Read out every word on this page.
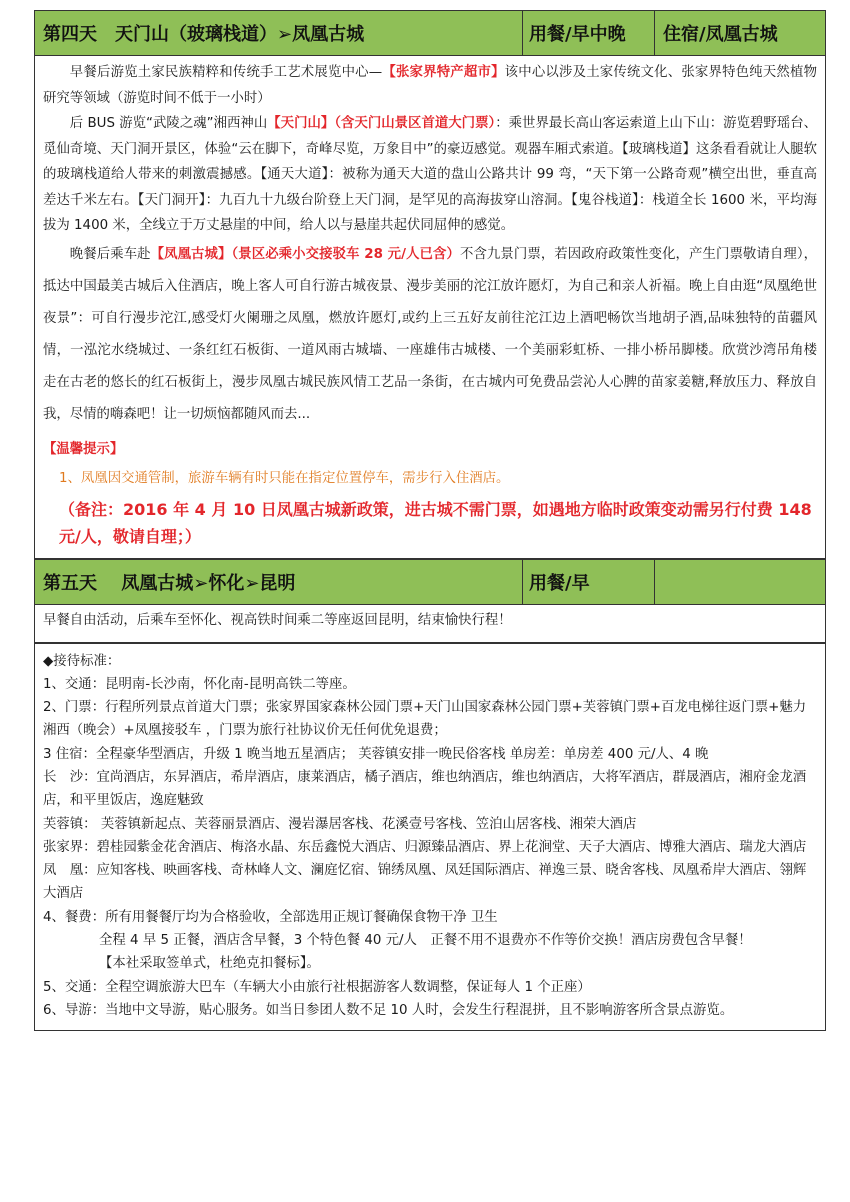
第四天　天门山（玻璃栈道）➢凤凰古城	用餐/早中晚	住宿/凤凰古城

早餐后游览土家民族精粹和传统手工艺术展览中心—【张家界特产超市】该中心以涉及土家传统文化、张家界特色纯天然植物研究等领域（游览时间不低于一小时）

后 BUS 游览“武陵之魂”湘西神山【天门山】（含天门山景区首道大门票）：乘世界最长高山客运索道上山下山：游览碧野瑶台、觅仙奇境、天门洞开景区，体验“云在脚下，奇峰尽览，万象目中”的豪迈感觉。观器车厢式索道。【玻璃栈道】这条看看就让人腿软的玻璃栈道给人带来的刺激震撼感。【通天大道】：被称为通天大道的盘山公路共计 99 弯，“天下第一公路奇观”横空出世，垂直高差达千米左右。【天门洞开】：九百九十九级台阶登上天门洞，是罕见的高海拔穿山溶洞。【鬼谷栈道】：栈道全长 1600 米，平均海拔为 1400 米，全线立于万丈悬崖的中间，给人以与悬崖共起伏同屈伸的感觉。

晚餐后乘车赴【凤凰古城】（景区必乘小交接驳车 28 元/人已含）不含九景门票，若因政府政策性变化，产生门票敬请自理），抵达中国最美古城后入住酒店，晚上客人可自行游古城夜景、漫步美丽的沱江放许愿灯，为自己和亲人祈福。晚上自由逛“凤凰绝世夜景”：可自行漫步沱江,感受灯火阑珊之凤凰，燃放许愿灯,或约上三五好友前往沱江边上酒吧畅饮当地胡子酒,品味独特的苗疆风情，一泓沱水绕城过、一条红红石板街、一道风雨古城墙、一座雄伟古城楼、一个美丽彩虹桥、一排小桥吊脚楼。欣赏沙湾吊角楼走在古老的悠长的红石板街上，漫步凤凰古城民族风情工艺品一条街，在古城内可免费品尝沁人心脾的苗家姜糖,释放压力、释放自我，尽情的嗨森吧！让一切烦恼都随风而去...

【温馨提示】
1、凤凰因交通管制，旅游车辆有时只能在指定位置停车，需步行入住酒店。
（备注：2016 年 4 月 10 日凤凰古城新政策，进古城不需门票，如遇地方临时政策变动需另行付费 148 元/人，敬请自理；）
第五天　 凤凰古城➢怀化➢昆明	用餐/早
早餐自由活动，后乘车至怀化、视高铁时间乘二等座返回昆明，结束愉快行程！
◆接待标准：
1、交通：昆明南-长沙南，怀化南-昆明高铁二等座。
2、门票：行程所列景点首道大门票；张家界国家森林公园门票+天门山国家森林公园门票+芙蓉镇门票+百龙电梯往返门票+魅力湘西（晚会）+凤凰接驳车 ，门票为旅行社协议价无任何优免退费；
3 住宿：全程豪华型酒店，升级 1 晚当地五星酒店； 芙蓉镇安排一晚民俗客栈 单房差：单房差 400 元/人、4 晚
长　沙：宜尚酒店，东昇酒店，希岸酒店，康莱酒店，橘子酒店，维也纳酒店，维也纳酒店，大将军酒店，群晟酒店，湘府金龙酒店，和平里饭店，逸庭魅致
芙蓉镇： 芙蓉镇新起点、芙蓉丽景酒店、漫岩瀑居客栈、花溪壹号客栈、笠泊山居客栈、湘荣大酒店
张家界：碧桂园紫金花舍酒店、梅洛水晶、东岳鑫悦大酒店、归源臻品酒店、界上花涧堂、天子大酒店、博雅大酒店、瑞龙大酒店
凤　凰：应知客栈、映画客栈、奇林峰人文、澜庭忆宿、锦绣凤凰、凤廷国际酒店、禅逸三景、晓舍客栈、凤凰希岸大酒店、翎辉大酒店
4、餐费：所有用餐餐厅均为合格验收，全部选用正规订餐确保食物干净 卫生
全程 4 早 5 正餐，酒店含早餐，3 个特色餐 40 元/人　正餐不用不退费亦不作等价交换！酒店房费包含早餐！
【本社采取签单式，杜绝克扣餐标】。
5、交通：全程空调旅游大巴车（车辆大小由旅行社根据游客人数调整，保证每人 1 个正座）
6、导游：当地中文导游，贴心服务。如当日参团人数不足 10 人时，会发生行程混拼，且不影响游客所含景点游览。
